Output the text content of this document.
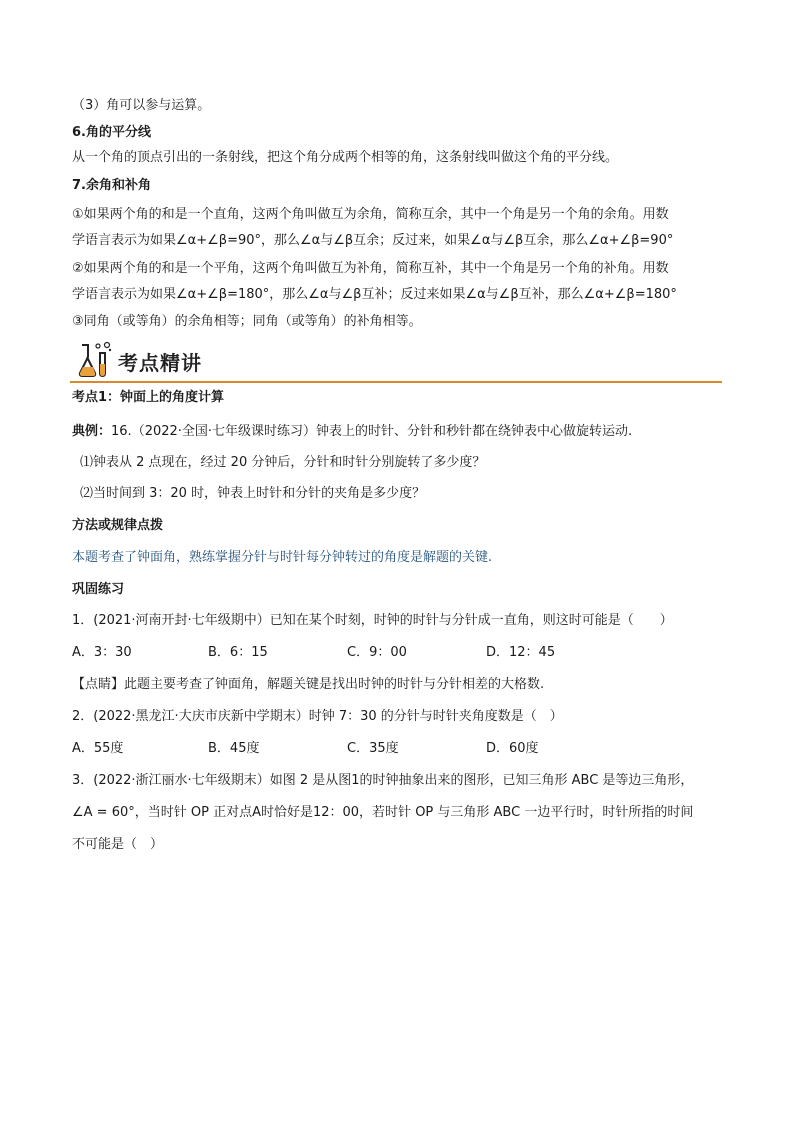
（3）角可以参与运算。
6.角的平分线
从一个角的顶点引出的一条射线，把这个角分成两个相等的角，这条射线叫做这个角的平分线。
7.余角和补角
①如果两个角的和是一个直角，这两个角叫做互为余角，简称互余，其中一个角是另一个角的余角。用数
学语言表示为如果∠α+∠β=90°，那么∠α与∠β互余；反过来，如果∠α与∠β互余，那么∠α+∠β=90°
②如果两个角的和是一个平角，这两个角叫做互为补角，简称互补，其中一个角是另一个角的补角。用数
学语言表示为如果∠α+∠β=180°，那么∠α与∠β互补；反过来如果∠α与∠β互补，那么∠α+∠β=180°
③同角（或等角）的余角相等；同角（或等角）的补角相等。
考点精讲
考点1：钟面上的角度计算
典例：16.（2022·全国·七年级课时练习）钟表上的时针、分针和秒针都在绕钟表中心做旋转运动.
⑴钟表从 2 点现在，经过 20 分钟后，分针和时针分别旋转了多少度？
⑵当时间到 3：20 时，钟表上时针和分针的夹角是多少度？
方法或规律点拨
本题考查了钟面角，熟练掌握分针与时针每分钟转过的角度是解题的关键.
巩固练习
1．(2021·河南开封·七年级期中）已知在某个时刻，时钟的时针与分针成一直角，则这时可能是（　　）
A．3：30	B．6：15	C．9：00	D．12：45
【点睛】此题主要考查了钟面角，解题关键是找出时钟的时针与分针相差的大格数.
2．(2022·黑龙江·大庆市庆新中学期末）时钟 7：30 的分针与时针夹角度数是（　）
A．55度	B．45度	C．35度	D．60度
3．(2022·浙江丽水·七年级期末）如图 2 是从图1的时钟抽象出来的图形，已知三角形 ABC 是等边三角形，
∠A = 60°，当时针 OP 正对点A时恰好是12：00，若时针 OP 与三角形 ABC 一边平行时，时针所指的时间
不可能是（　）
